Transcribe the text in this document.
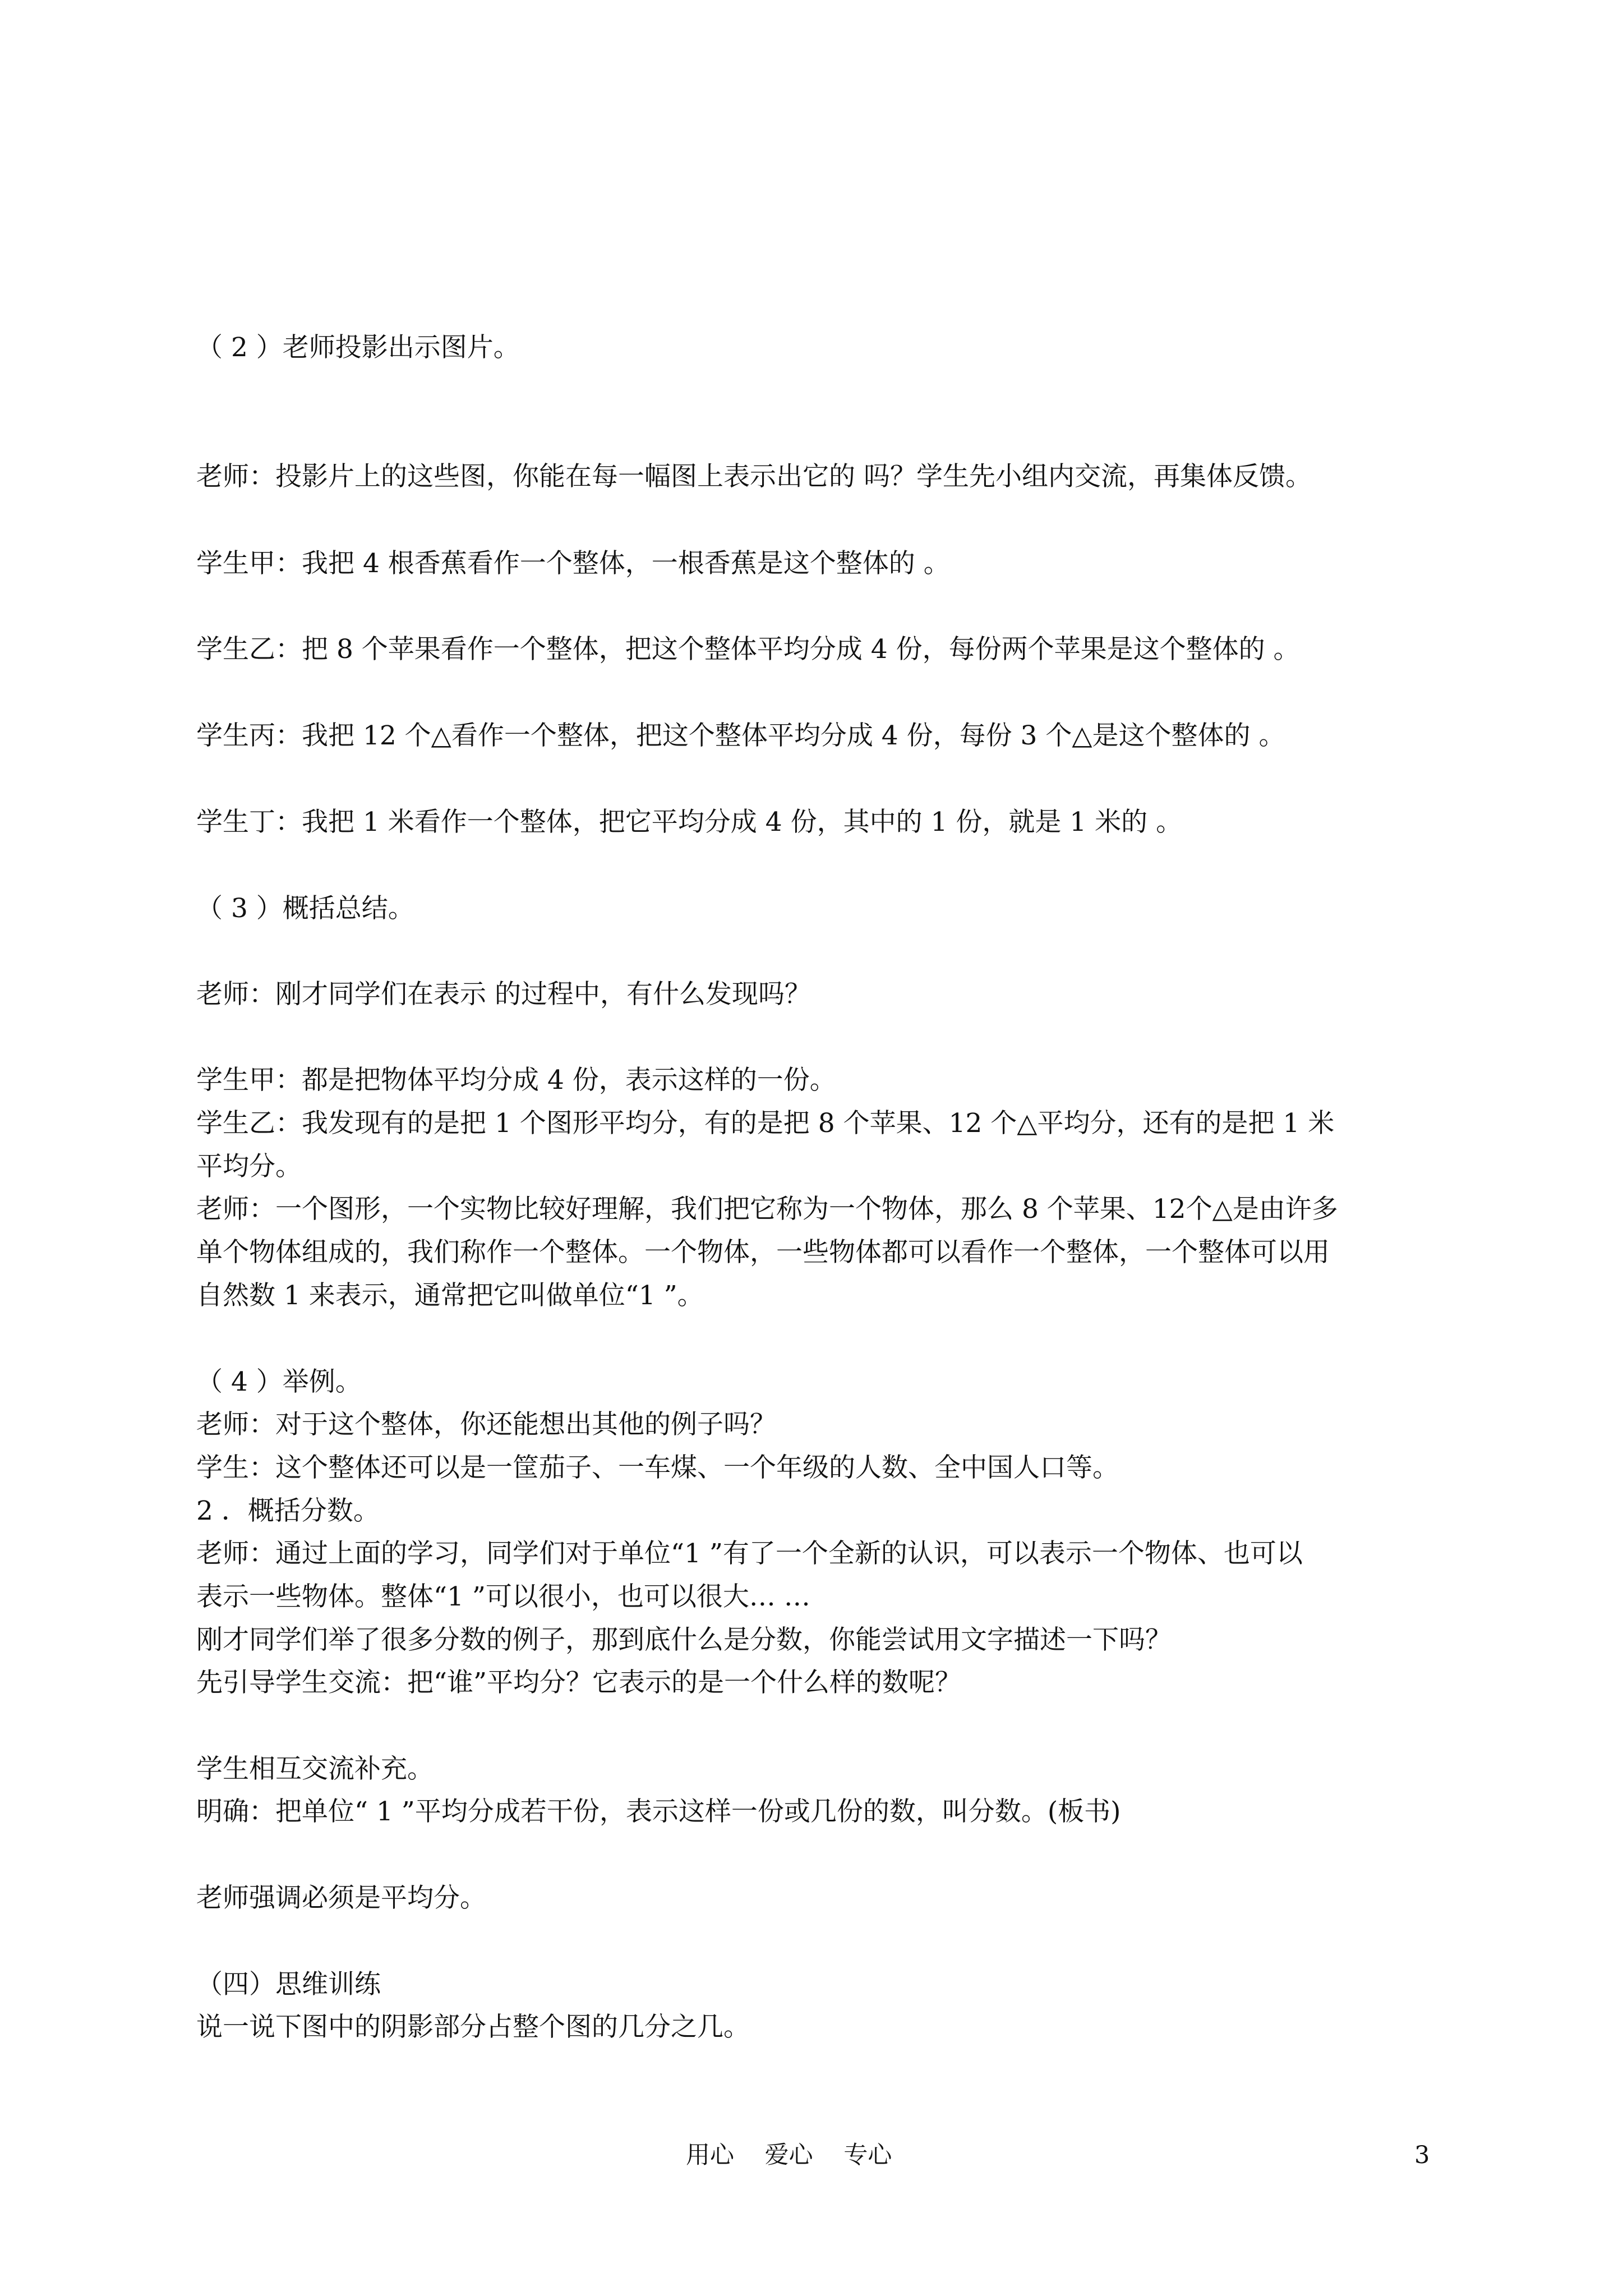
（ 2 ）老师投影出示图片。
老师：投影片上的这些图，你能在每一幅图上表示出它的 吗？学生先小组内交流，再集体反馈。
学生甲：我把 4 根香蕉看作一个整体，一根香蕉是这个整体的 。
学生乙：把 8 个苹果看作一个整体，把这个整体平均分成 4 份，每份两个苹果是这个整体的 。
学生丙：我把 12 个△看作一个整体，把这个整体平均分成 4 份，每份 3 个△是这个整体的 。
学生丁：我把 1 米看作一个整体，把它平均分成 4 份，其中的 1 份，就是 1 米的 。
（ 3 ）概括总结。
老师：刚才同学们在表示 的过程中，有什么发现吗？
学生甲：都是把物体平均分成 4 份，表示这样的一份。
学生乙：我发现有的是把 1 个图形平均分，有的是把 8 个苹果、12 个△平均分，还有的是把 1 米
平均分。
老师：一个图形，一个实物比较好理解，我们把它称为一个物体，那么 8 个苹果、12个△是由许多
单个物体组成的，我们称作一个整体。一个物体，一些物体都可以看作一个整体，一个整体可以用
自然数 1 来表示，通常把它叫做单位“1 ”。
（ 4 ）举例。
老师：对于这个整体，你还能想出其他的例子吗？
学生：这个整体还可以是一筐茄子、一车煤、一个年级的人数、全中国人口等。
2 ．概括分数。
老师：通过上面的学习，同学们对于单位“1 ”有了一个全新的认识，可以表示一个物体、也可以
表示一些物体。整体“1 ”可以很小，也可以很大… …
刚才同学们举了很多分数的例子，那到底什么是分数，你能尝试用文字描述一下吗？
先引导学生交流：把“谁”平均分？它表示的是一个什么样的数呢？
学生相互交流补充。
明确：把单位“ 1 ”平均分成若干份，表示这样一份或几份的数，叫分数。(板书)
老师强调必须是平均分。
（四）思维训练
说一说下图中的阴影部分占整个图的几分之几。
用心    爱心    专心	3
